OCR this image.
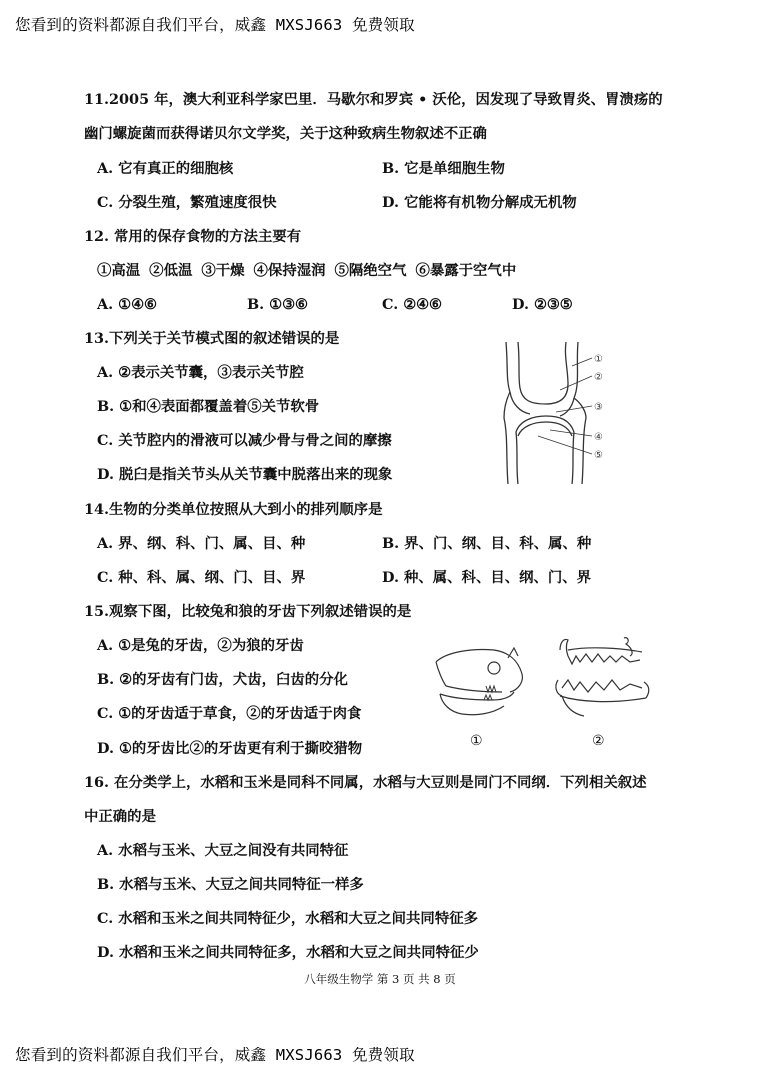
您看到的资料都源自我们平台，威鑫 MXSJ663 免费领取
11.2005 年，澳大利亚科学家巴里．马歇尔和罗宾 • 沃伦，因发现了导致胃炎、胃溃疡的
幽门螺旋菌而获得诺贝尔文学奖，关于这种致病生物叙述不正确
A. 它有真正的细胞核	B. 它是单细胞生物
C. 分裂生殖，繁殖速度很快	D. 它能将有机物分解成无机物
12. 常用的保存食物的方法主要有
①高温 ②低温 ③干燥 ④保持湿润 ⑤隔绝空气 ⑥暴露于空气中
A. ①④⑥	B. ①③⑥	C. ②④⑥	D. ②③⑤
13.下列关于关节模式图的叙述错误的是
A. ②表示关节囊，③表示关节腔
B. ①和④表面都覆盖着⑤关节软骨
C. 关节腔内的滑液可以减少骨与骨之间的摩擦
D. 脱臼是指关节头从关节囊中脱落出来的现象
①
②
③
④
⑤
14.生物的分类单位按照从大到小的排列顺序是
A. 界、纲、科、门、属、目、种	B. 界、门、纲、目、科、属、种
C. 种、科、属、纲、门、目、界	D. 种、属、科、目、纲、门、界
15.观察下图，比较兔和狼的牙齿下列叙述错误的是
A. ①是兔的牙齿，②为狼的牙齿
B. ②的牙齿有门齿，犬齿，臼齿的分化
C. ①的牙齿适于草食，②的牙齿适于肉食
D. ①的牙齿比②的牙齿更有利于撕咬猎物	①	②
16. 在分类学上，水稻和玉米是同科不同属，水稻与大豆则是同门不同纲．下列相关叙述
中正确的是
A. 水稻与玉米、大豆之间没有共同特征
B. 水稻与玉米、大豆之间共同特征一样多
C. 水稻和玉米之间共同特征少，水稻和大豆之间共同特征多
D. 水稻和玉米之间共同特征多，水稻和大豆之间共同特征少
八年级生物学 第 3 页 共 8 页
您看到的资料都源自我们平台，威鑫 MXSJ663 免费领取
